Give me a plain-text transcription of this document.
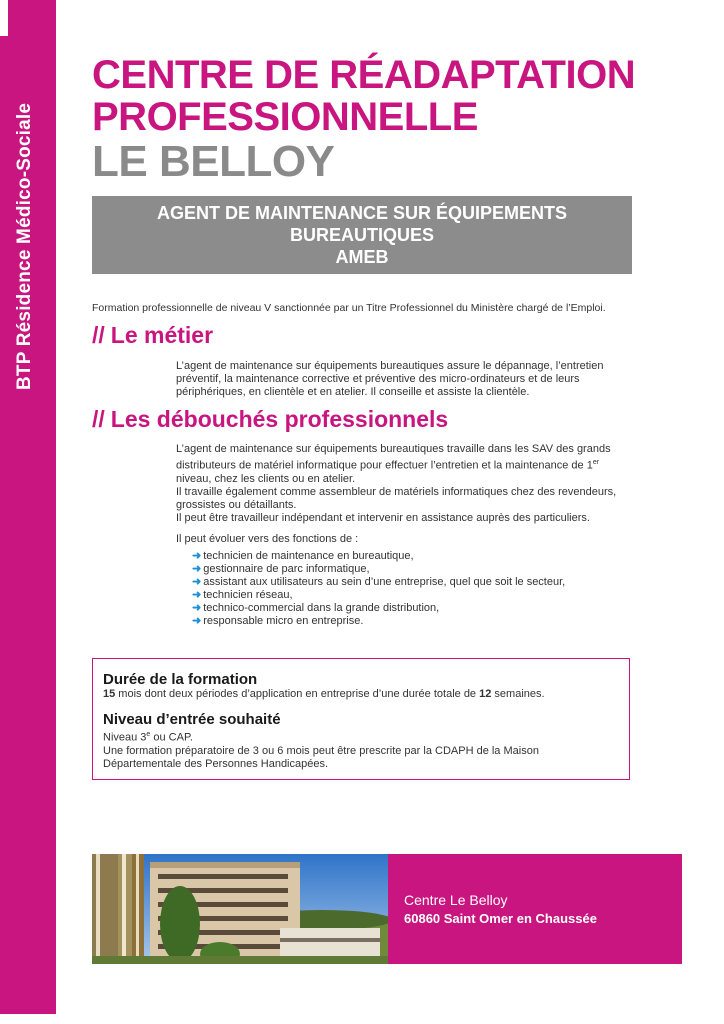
BTP Résidence Médico-Sociale
CENTRE DE RÉADAPTATION
PROFESSIONNELLE
LE BELLOY
AGENT DE MAINTENANCE SUR ÉQUIPEMENTS
BUREAUTIQUES
AMEB
Formation professionnelle de niveau V sanctionnée par un Titre Professionnel du Ministère chargé de l’Emploi.
// Le métier

L’agent de maintenance sur équipements bureautiques assure le dépannage, l’entretien préventif, la maintenance corrective et préventive des micro-ordinateurs et de leurs périphériques, en clientèle et en atelier. Il conseille et assiste la clientèle.

// Les débouchés professionnels

L’agent de maintenance sur équipements bureautiques travaille dans les SAV des grands distributeurs de matériel informatique pour effectuer l’entretien et la maintenance de 1er niveau, chez les clients ou en atelier.

Il travaille également comme assembleur de matériels informatiques chez des revendeurs, grossistes ou détaillants.

Il peut être travailleur indépendant et intervenir en assistance auprès des particuliers.

Il peut évoluer vers des fonctions de :

➜ technicien de maintenance en bureautique,
➜ gestionnaire de parc informatique,
➜ assistant aux utilisateurs au sein d’une entreprise, quel que soit le secteur,
➜ technicien réseau,
➜ technico-commercial dans la grande distribution,
➜ responsable micro en entreprise.
Durée de la formation
15 mois dont deux périodes d’application en entreprise d’une durée totale de 12 semaines.
Niveau d’entrée souhaité
Niveau 3e ou CAP.
Une formation préparatoire de 3 ou 6 mois peut être prescrite par la CDAPH de la Maison Départementale des Personnes Handicapées.
Centre Le Belloy
60860 Saint Omer en Chaussée
